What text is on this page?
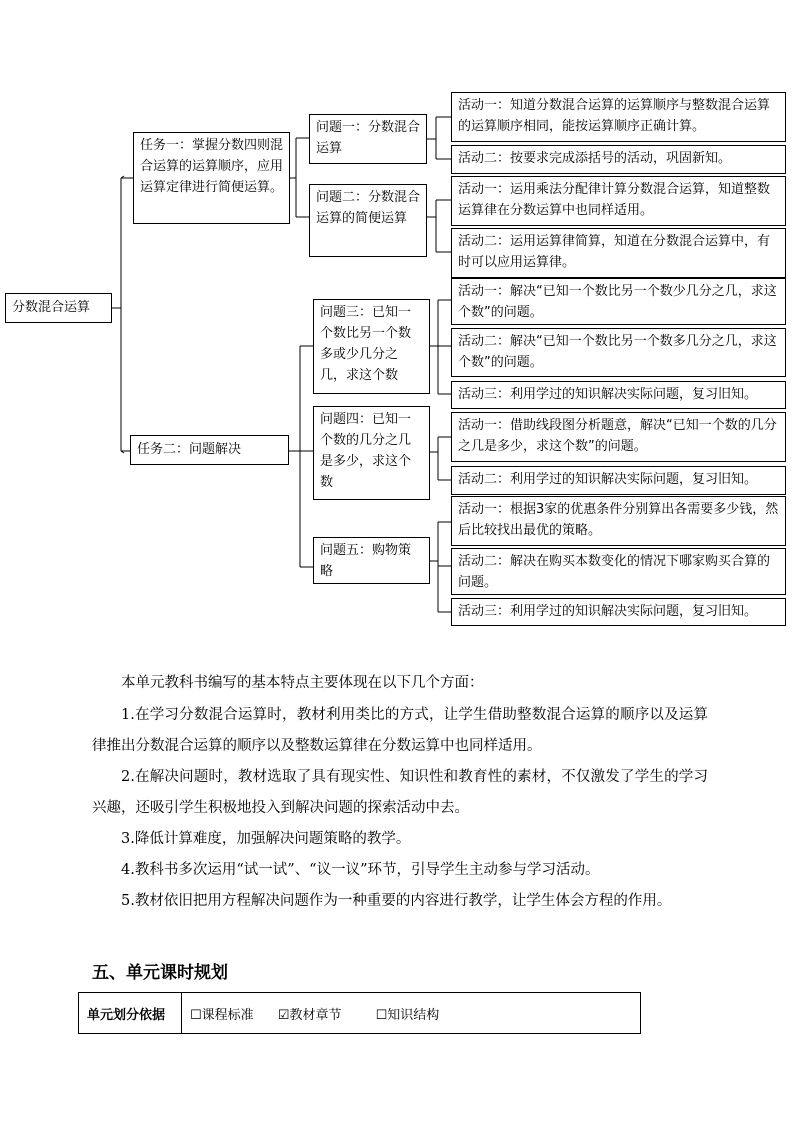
分数混合运算
任务一：掌握分数四则混合运算的运算顺序，应用运算定律进行简便运算。
任务二：问题解决
问题一：分数混合运算
问题二：分数混合运算的简便运算
问题三：已知一个数比另一个数多或少几分之几，求这个数
问题四：已知一个数的几分之几是多少，求这个数
问题五：购物策略
活动一：知道分数混合运算的运算顺序与整数混合运算的运算顺序相同，能按运算顺序正确计算。
活动二：按要求完成添括号的活动，巩固新知。
活动一：运用乘法分配律计算分数混合运算，知道整数运算律在分数运算中也同样适用。
活动二：运用运算律简算，知道在分数混合运算中，有时可以应用运算律。
活动一：解决“已知一个数比另一个数少几分之几，求这个数”的问题。
活动二：解决“已知一个数比另一个数多几分之几，求这个数”的问题。
活动三：利用学过的知识解决实际问题，复习旧知。
活动一：借助线段图分析题意，解决“已知一个数的几分之几是多少，求这个数”的问题。
活动二：利用学过的知识解决实际问题，复习旧知。
活动一：根据3家的优惠条件分别算出各需要多少钱，然后比较找出最优的策略。
活动二：解决在购买本数变化的情况下哪家购买合算的问题。
活动三：利用学过的知识解决实际问题，复习旧知。

本单元教科书编写的基本特点主要体现在以下几个方面：

1.在学习分数混合运算时，教材利用类比的方式，让学生借助整数混合运算的顺序以及运算律推出分数混合运算的顺序以及整数运算律在分数运算中也同样适用。

2.在解决问题时，教材选取了具有现实性、知识性和教育性的素材，不仅激发了学生的学习兴趣，还吸引学生积极地投入到解决问题的探索活动中去。

3.降低计算难度，加强解决问题策略的教学。

4.教科书多次运用“试一试”、“议一议”环节，引导学生主动参与学习活动。

5.教材依旧把用方程解决问题作为一种重要的内容进行教学，让学生体会方程的作用。

五、单元课时规划
单元划分依据	☐课程标准 ☑教材章节	☐知识结构
